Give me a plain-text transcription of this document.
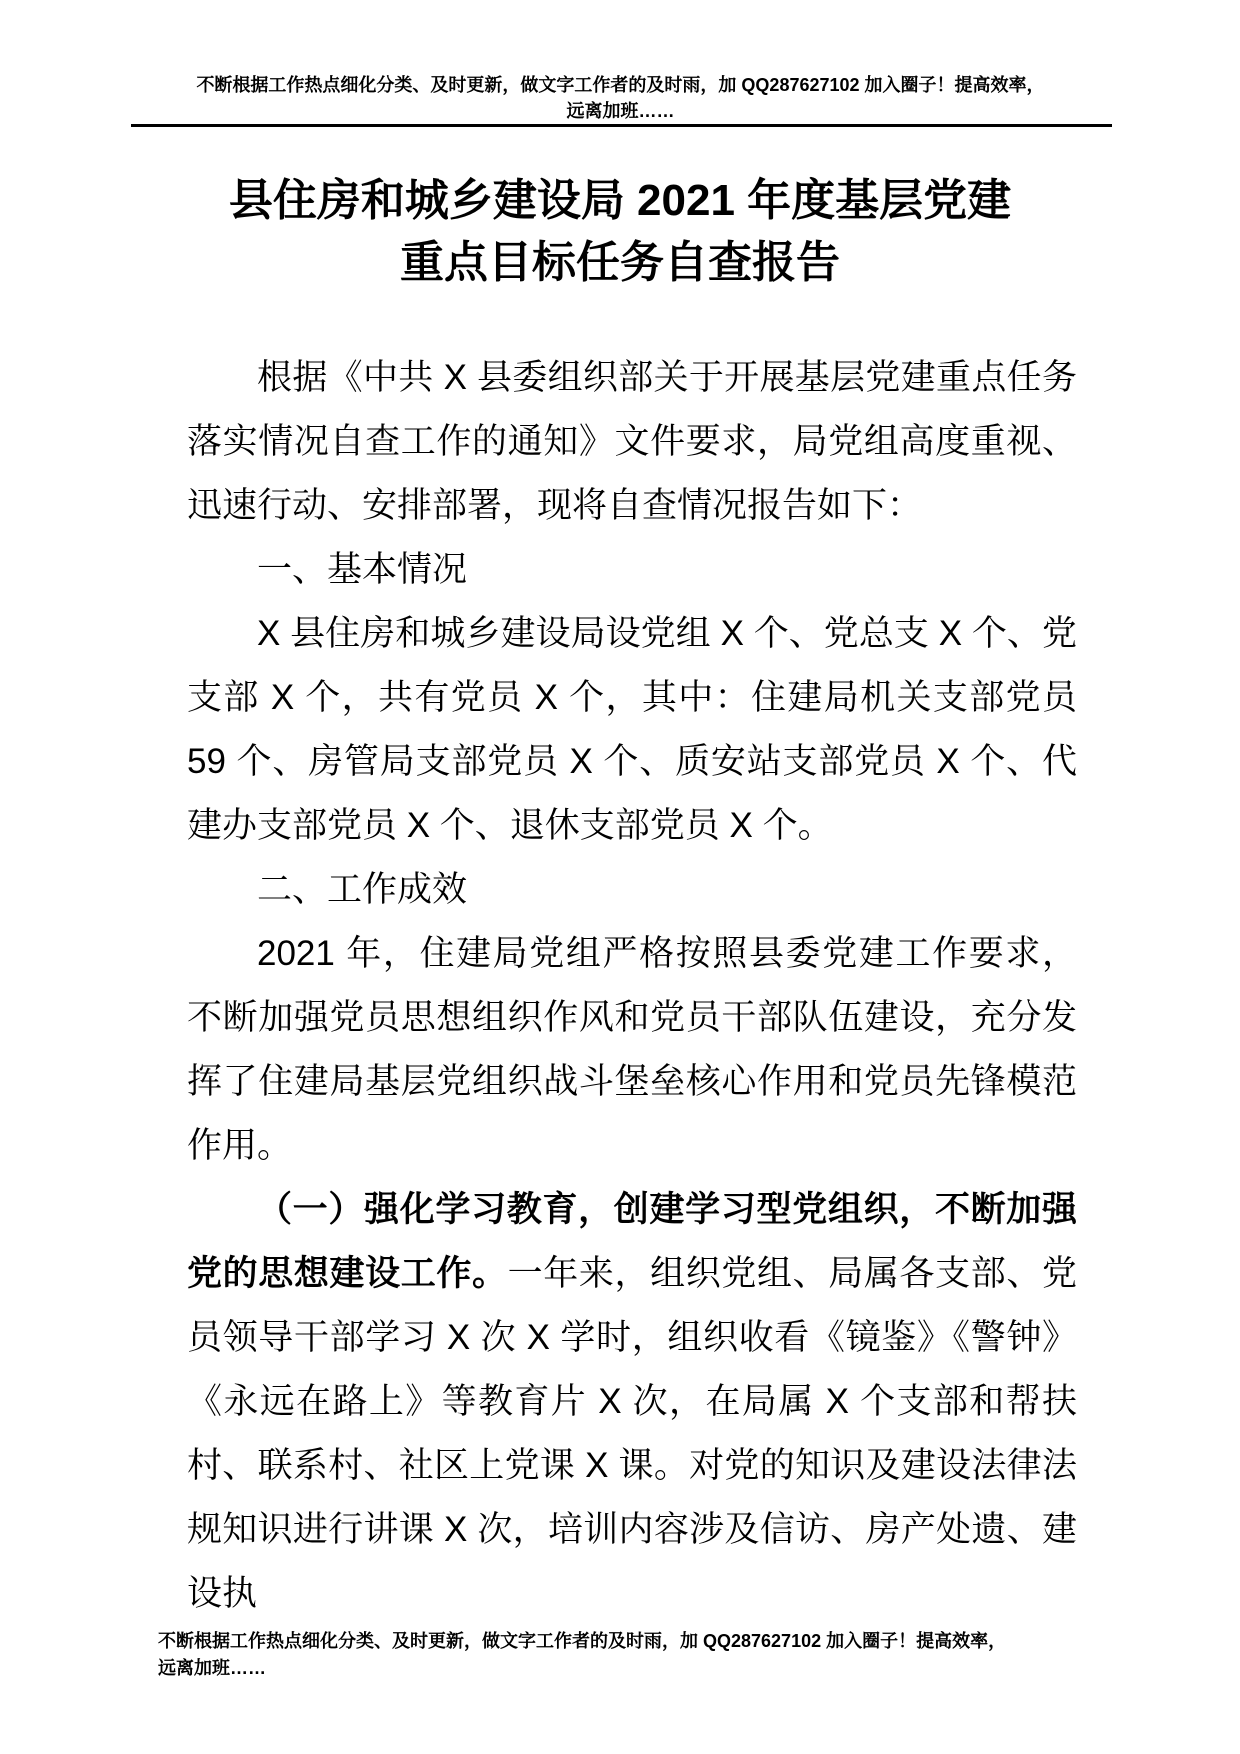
不断根据工作热点细化分类、及时更新，做文字工作者的及时雨，加 QQ287627102 加入圈子！提高效率，
远离加班……
县住房和城乡建设局 2021 年度基层党建
重点目标任务自查报告

根据《中共 X 县委组织部关于开展基层党建重点任务落实情况自查工作的通知》文件要求，局党组高度重视、迅速行动、安排部署，现将自查情况报告如下：

一、基本情况

X 县住房和城乡建设局设党组 X 个、党总支 X 个、党支部 X 个，共有党员 X 个，其中：住建局机关支部党员 59 个、房管局支部党员 X 个、质安站支部党员 X 个、代建办支部党员 X 个、退休支部党员 X 个。

二、工作成效

2021 年，住建局党组严格按照县委党建工作要求，不断加强党员思想组织作风和党员干部队伍建设，充分发挥了住建局基层党组织战斗堡垒核心作用和党员先锋模范作用。

（一）强化学习教育，创建学习型党组织，不断加强党的思想建设工作。一年来，组织党组、局属各支部、党员领导干部学习 X 次 X 学时，组织收看《镜鉴》《警钟》《永远在路上》等教育片 X 次，在局属 X 个支部和帮扶村、联系村、社区上党课 X 课。对党的知识及建设法律法规知识进行讲课 X 次，培训内容涉及信访、房产处遗、建设执

不断根据工作热点细化分类、及时更新，做文字工作者的及时雨，加 QQ287627102 加入圈子！提高效率，
远离加班……
